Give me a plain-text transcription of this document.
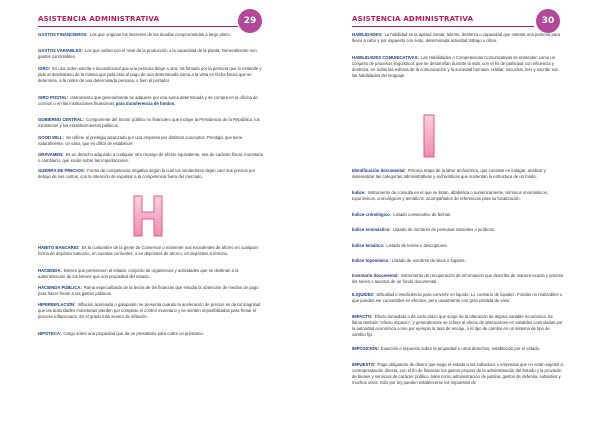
ASISTENCIA ADMINISTRATIVA	29

GASTOS FINANCIEROS: Los que originan los intereses de las deudas comprometidas a largo plazo.

GASTOS VARIABLES: Los que varían con el nivel de la producción o la capacidad de la planta. Generalmente son gastos controlables.

GIRO: Es una orden escrita e incondicional que una persona dirige a otra. Va firmado por la persona que lo extiende y pide al destinatario de la misma que pida esta al pago de una determinada suma a la vista en fecha futura que se determine, a la orden de una determinada persona, o bien al portador.

GIRO POSTAL: Instrumento que generalmente se adquiere por una suma determinada y se compra en la oficina de correos o en las instituciones financieras para transferencia de fondos.

GOBIERNO CENTRAL: Componente del Sector público no financiero que incluye la Presidencia de la República, los ministerios y los establecimientos públicos.

GOOD WILL: Se refiere al prestigio alcanzado por una empresa por distintos conceptos. Prestigio que tiene, naturalmente, un valor, que es difícil de establecer.

GRAVAMEN: Es un derecho adquirido a cualquier otro recargo de efecto equivalente, sea de carácter fiscal, monetario o cambiario, que incide sobre las importaciones.

GUERRA DE PRECIOS: Forma de competencia negativa según la cual los vendedores dejan caer sus precios por debajo de sus costos, con la intención de expulsar a la competencia fuera del mercado.

HABITO BANCARIO: Es la costumbre de la gente de Conservar o mantener sus excedentes de ahorro en cualquier forma de depósito bancario, en cuentas corrientes, o en depósitos de ahorro, en depósitos a término.

HACIENDA: Bienes que pertenecen al estado; conjunto de organismos y actividades que se destinan a la administración de los bienes que son propiedad del estado.

HACIENDA PÚBLICA: Rama especializada de la teoría de las finanzas que estudia la obtención de medios de pago para hacer frente a los gastos públicos.

HIPERINFLACIÓN: Inflación acelerada o galopante; se presenta cuando la aceleración de precios es de tal magnitud que las autoridades monetarias pierden por completo el control monetario y se sienten imposibilitadas para frenar el proceso inflacionario. Es el grado más severo de inflación.

HIPOTECA: Cargo sobre una propiedad que da un prestatario para cubrir un préstamo.

ASISTENCIA ADMINISTRATIVA	30

HABILIDADES: La habilidad es la aptitud innata, talento, destreza o capacidad que ostenta una persona para llevar a cabo y por supuesto con éxito, determinada actividad trabajo u oficio.

HABILIDADES COMUNICATIVAS: Las Habilidades o Competencias Comunicativas se entienden como un conjunto de procesos lingüísticos que se desarrollan durante la vida, con el fin de participar con eficiencia y destreza, en todas las esferas de la comunicación y la sociedad humana. Hablar, escuchar, leer y escribir son las habilidades del lenguaje.

Identificación documental: Primera etapa de la labor archivística, que consiste en indagar, analizar y sistematizar las categorías administrativas y archivísticas que sustentan la estructura de un fondo.

Índice: Instrumento de consulta en el que se listan, alfabética o numéricamente, términos onomásticos, toponímicos, cronológicos y temáticos, acompañados de referencias para su localización.

Índice cronológico: Listado consecutivo de fechas.

Índice onomástico: Listado de nombres de personas naturales o jurídicas.

Índice temático: Listado de temas o descriptores.

Índice toponímico: Listado de nombres de sitios o lugares.

Inventario documental: Instrumento de recuperación de información que describe de manera exacta y precisa las series o asuntos de un fondo documental.

ILIQUIDEZ: Dificultad o insuficiencia para convertir en liquido. Lo contrario de liquidez. Fondos no realizables o que pueden ser convertidos en efectivo, pero usualmente con gran pérdida de valor.

IMPACTO: Efecto inmediato o de corto plazo que surge de la alteración de alguna variable económica. Se llama también "efecto impacto", y generalmente se refiere al efecto de alteraciones en variables controladas por la autoridad económica como por ejemplo la tasa de encaje, o el tipo de cambio en un sistema de tipo de cambio fijo.

IMPOSICIÓN: Exacción o impuesto sobre la propiedad u otros derechos, establecido por el estado.

IMPUESTO: Pago obligatorio de dinero que exige el estado a los individuos o empresas que no están sujetos a contraprestación directa, con el fin de financiar los gastos propios de la administración del Estado y la provisión de bienes y servicios de carácter público, tales como administración de justicia, gastos de defensa, subsidios y muchos otros. Sólo por ley pueden establecerse los impuestos de
